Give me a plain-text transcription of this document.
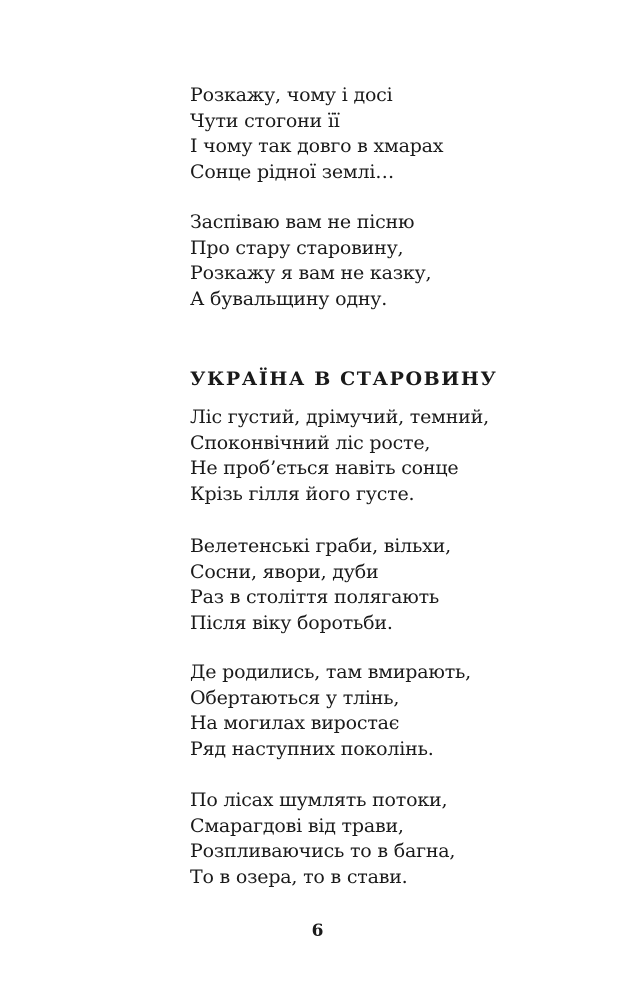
Розкажу, чому і досі
Чути стогони її
І чому так довго в хмарах
Сонце рідної землі…
Заспіваю вам не пісню
Про стару старовину,
Розкажу я вам не казку,
А бувальщину одну.
УКРАЇНА В СТАРОВИНУ
Ліс густий, дрімучий, темний,
Споконвічний ліс росте,
Не проб’ється навіть сонце
Крізь гілля його густе.
Велетенські граби, вільхи,
Сосни, явори, дуби
Раз в століття полягають
Після віку боротьби.
Де родились, там вмирають,
Обертаються у тлінь,
На могилах виростає
Ряд наступних поколінь.
По лісах шумлять потоки,
Смарагдові від трави,
Розпливаючись то в багна,
То в озера, то в стави.
6
